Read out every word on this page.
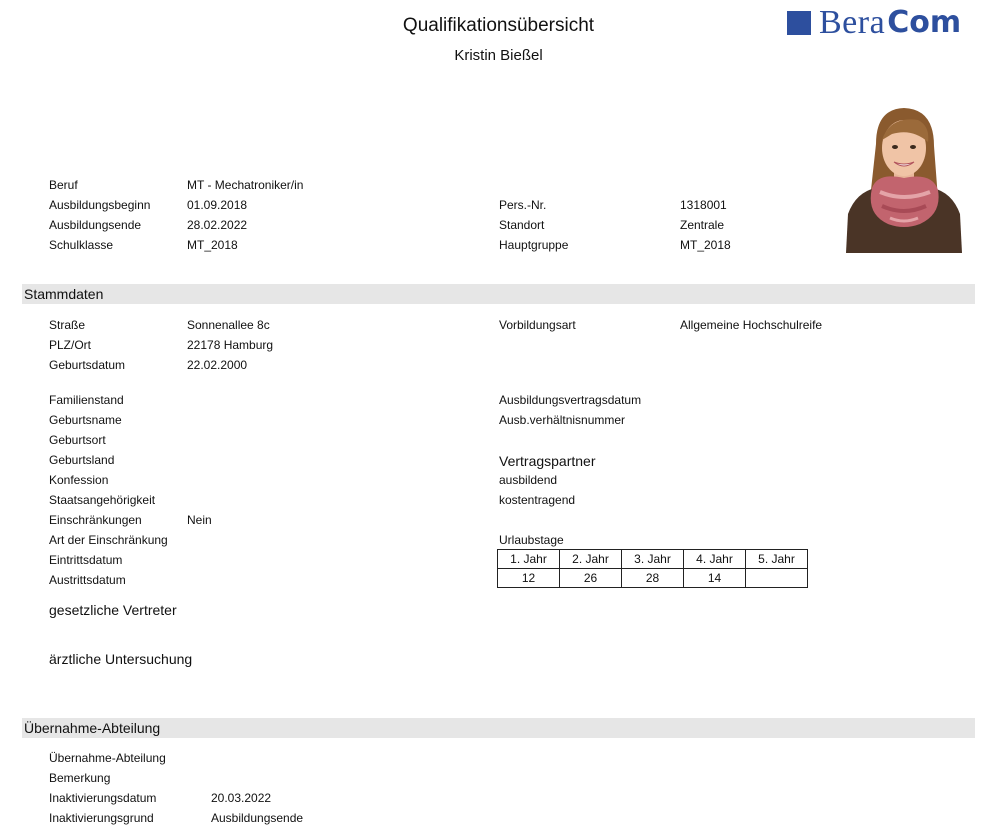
Qualifikationsübersicht
Kristin Bießel
Bera Com
Beruf	MT - Mechatroniker/in
Ausbildungsbeginn	01.09.2018
Ausbildungsende	28.02.2022
Schulklasse	MT_2018
Pers.-Nr.	1318001
Standort	Zentrale
Hauptgruppe	MT_2018
Stammdaten
Straße	Sonnenallee 8c
PLZ/Ort	22178 Hamburg
Geburtsdatum	22.02.2000
Vorbildungsart	Allgemeine Hochschulreife
Familienstand
Geburtsname
Geburtsort
Geburtsland
Konfession
Staatsangehörigkeit
Einschränkungen	Nein
Art der Einschränkung
Eintrittsdatum
Austrittsdatum
Ausbildungsvertragsdatum
Ausb.verhältnisnummer
Vertragspartner
ausbildend
kostentragend
Urlaubstage
1. Jahr	2. Jahr	3. Jahr	4. Jahr	5. Jahr
12	26	28	14	
gesetzliche Vertreter
ärztliche Untersuchung
Übernahme-Abteilung
Übernahme-Abteilung
Bemerkung
Inaktivierungsdatum	20.03.2022
Inaktivierungsgrund	Ausbildungsende
